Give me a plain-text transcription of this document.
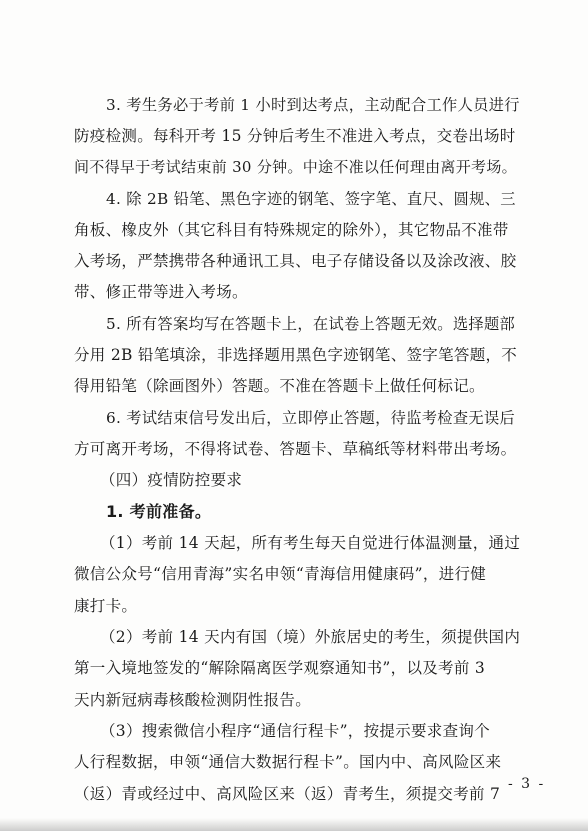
3. 考生务必于考前 1 小时到达考点，主动配合工作人员进行
防疫检测。每科开考 15 分钟后考生不准进入考点，交卷出场时
间不得早于考试结束前 30 分钟。中途不准以任何理由离开考场。
4. 除 2B 铅笔、黑色字迹的钢笔、签字笔、直尺、圆规、三
角板、橡皮外（其它科目有特殊规定的除外），其它物品不准带
入考场，严禁携带各种通讯工具、电子存储设备以及涂改液、胶
带、修正带等进入考场。
5. 所有答案均写在答题卡上，在试卷上答题无效。选择题部
分用 2B 铅笔填涂，非选择题用黑色字迹钢笔、签字笔答题，不
得用铅笔（除画图外）答题。不准在答题卡上做任何标记。
6. 考试结束信号发出后，立即停止答题，待监考检查无误后
方可离开考场，不得将试卷、答题卡、草稿纸等材料带出考场。
（四）疫情防控要求
1. 考前准备。
（1）考前 14 天起，所有考生每天自觉进行体温测量，通过
微信公众号“信用青海”实名申领“青海信用健康码”，进行健
康打卡。
（2）考前 14 天内有国（境）外旅居史的考生，须提供国内
第一入境地签发的“解除隔离医学观察通知书”，以及考前 3
天内新冠病毒核酸检测阴性报告。
（3）搜索微信小程序“通信行程卡”，按提示要求查询个
人行程数据，申领“通信大数据行程卡”。国内中、高风险区来
（返）青或经过中、高风险区来（返）青考生，须提交考前 7
- 3 -
